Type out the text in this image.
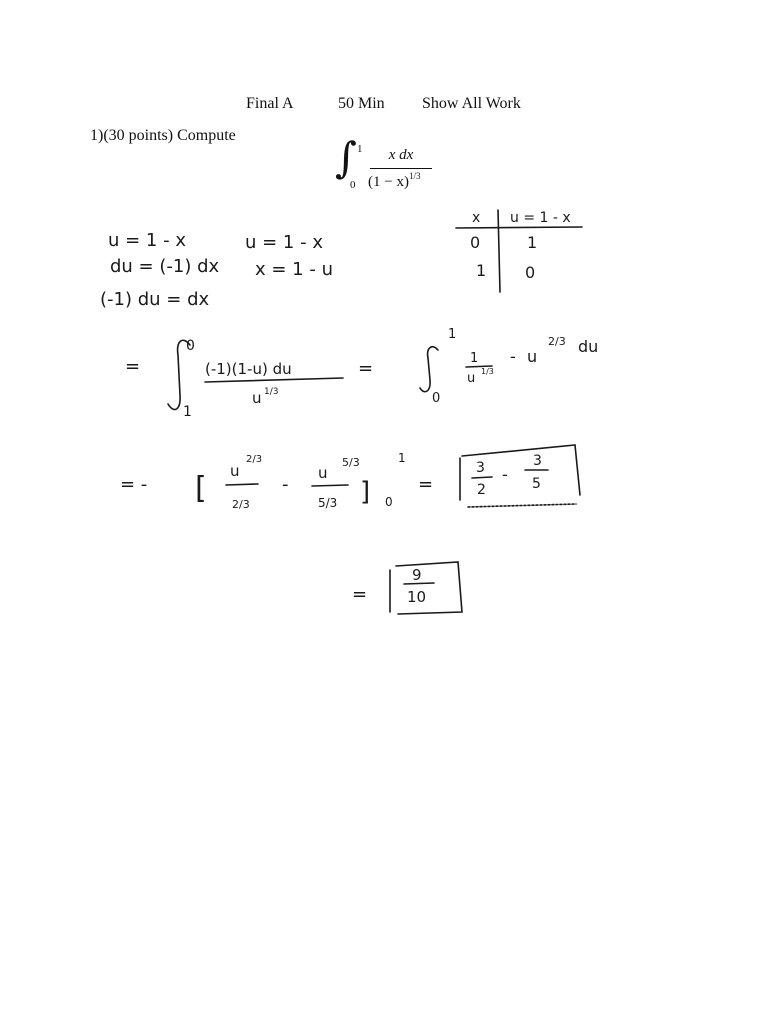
Final A	50 Min Show All Work
1)(30 points) Compute ∫ 1
0
x dx
$(1 - x)^{1/3}$
u = 1 - x
du = (-1) dx
(-1) du = dx
u = 1 - x
x = 1 - u
x u = 1 - x
0	1
1 0
=
0
1
(-1)(1-u) du
u 1/3
=
1
0
1
u 1/3
- u
2/3 du
= - [ u
2/3
2/3
-
u
5/3
5/3 ]
1
0
=
3
2
-
3
5
=
9
10
